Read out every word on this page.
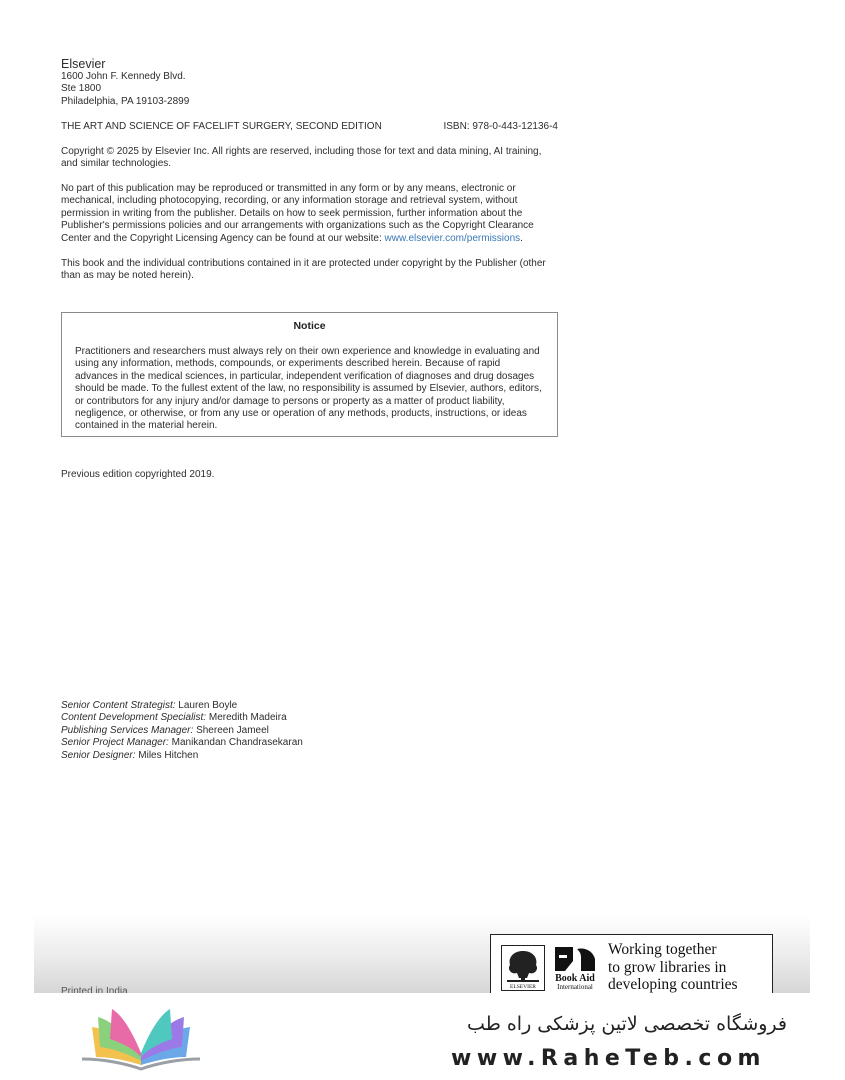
Elsevier
1600 John F. Kennedy Blvd.
Ste 1800
Philadelphia, PA 19103-2899
THE ART AND SCIENCE OF FACELIFT SURGERY, SECOND EDITION	ISBN: 978-0-443-12136-4

Copyright © 2025 by Elsevier Inc. All rights are reserved, including those for text and data mining, AI training, and similar technologies.

No part of this publication may be reproduced or transmitted in any form or by any means, electronic or mechanical, including photocopying, recording, or any information storage and retrieval system, without permission in writing from the publisher. Details on how to seek permission, further information about the Publisher's permissions policies and our arrangements with organizations such as the Copyright Clearance Center and the Copyright Licensing Agency can be found at our website: www.elsevier.com/permissions.

This book and the individual contributions contained in it are protected under copyright by the Publisher (other than as may be noted herein).

Notice
Practitioners and researchers must always rely on their own experience and knowledge in evaluating and using any information, methods, compounds, or experiments described herein. Because of rapid advances in the medical sciences, in particular, independent verification of diagnoses and drug dosages should be made. To the fullest extent of the law, no responsibility is assumed by Elsevier, authors, editors, or contributors for any injury and/or damage to persons or property as a matter of product liability, negligence, or otherwise, or from any use or operation of any methods, products, instructions, or ideas contained in the material herein.

Previous edition copyrighted 2019.

Senior Content Strategist: Lauren Boyle
Content Development Specialist: Meredith Madeira
Publishing Services Manager: Shereen Jameel
Senior Project Manager: Manikandan Chandrasekaran
Senior Designer: Miles Hitchen
Printed in India	ELSEVIER
Book Aid
International
Working together
to grow libraries in
developing countries
فروشگاه تخصصی لاتین پزشکی راه طب
www.RaheTeb.com
